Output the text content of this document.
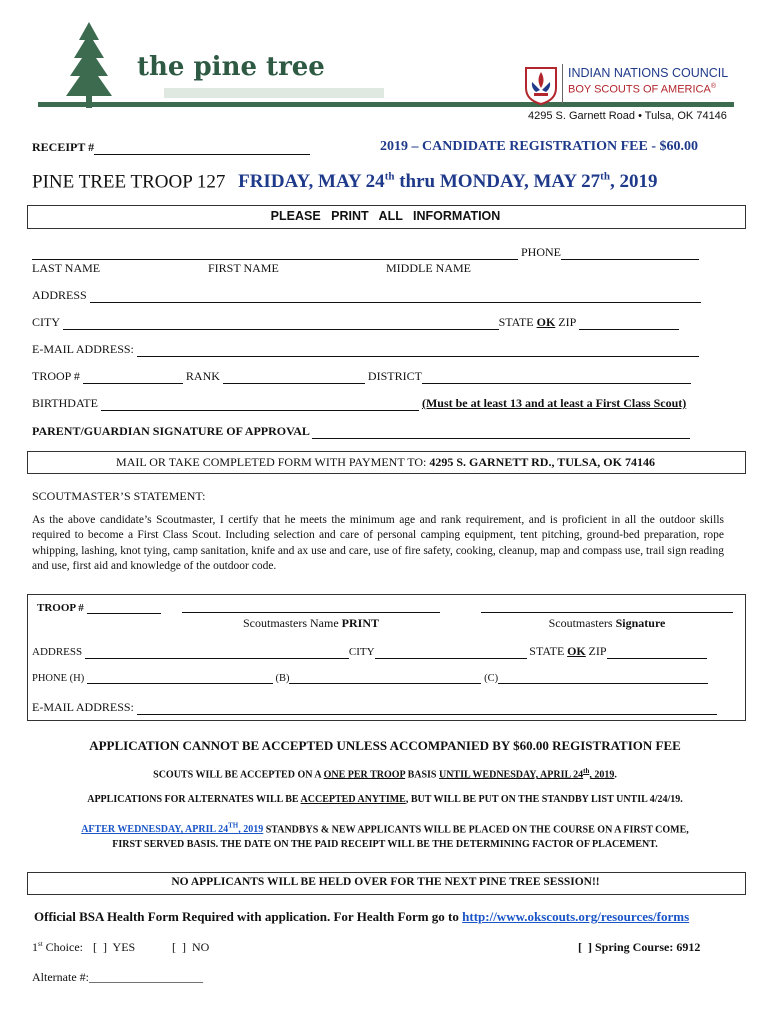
the pine tree	INDIAN NATIONS COUNCIL
BOY SCOUTS OF AMERICA®
4295 S. Garnett Road • Tulsa, OK 74146
RECEIPT #	2019 – CANDIDATE REGISTRATION FEE - $60.00
PINE TREE TROOP 127 FRIDAY, MAY 24th thru MONDAY, MAY 27th, 2019
PLEASE   PRINT   ALL   INFORMATION
PHONE
LAST NAME	FIRST NAME	MIDDLE NAME
ADDRESS
CITY	STATE OK ZIP
E-MAIL ADDRESS:
TROOP #	RANK	DISTRICT
BIRTHDATE	(Must be at least 13 and at least a First Class Scout)
PARENT/GUARDIAN SIGNATURE OF APPROVAL
MAIL OR TAKE COMPLETED FORM WITH PAYMENT TO: 4295 S. GARNETT RD., TULSA, OK 74146
SCOUTMASTER’S STATEMENT:
As the above candidate’s Scoutmaster, I certify that he meets the minimum age and rank requirement, and is proficient in all the outdoor skills required to become a First Class Scout. Including selection and care of personal camping equipment, tent pitching, ground-bed preparation, rope whipping, lashing, knot tying, camp sanitation, knife and ax use and care, use of fire safety, cooking, cleanup, map and compass use, trail sign reading and use, first aid and knowledge of the outdoor code.
TROOP #
Scoutmasters Name PRINT	Scoutmasters Signature
ADDRESS	CITY	STATE OK ZIP
PHONE (H)	(B)	(C)
E-MAIL ADDRESS:
APPLICATION CANNOT BE ACCEPTED UNLESS ACCOMPANIED BY $60.00 REGISTRATION FEE
SCOUTS WILL BE ACCEPTED ON A ONE PER TROOP BASIS UNTIL WEDNESDAY, APRIL 24th, 2019.
APPLICATIONS FOR ALTERNATES WILL BE ACCEPTED ANYTIME, BUT WILL BE PUT ON THE STANDBY LIST UNTIL 4/24/19.
AFTER WEDNESDAY, APRIL 24TH, 2019 STANDBYS & NEW APPLICANTS WILL BE PLACED ON THE COURSE ON A FIRST COME,
FIRST SERVED BASIS. THE DATE ON THE PAID RECEIPT WILL BE THE DETERMINING FACTOR OF PLACEMENT.
NO APPLICANTS WILL BE HELD OVER FOR THE NEXT PINE TREE SESSION!!
Official BSA Health Form Required with application. For Health Form go to http://www.okscouts.org/resources/forms
1st Choice: [  ]  YES	[  ]  NO	[  ] Spring Course: 6912
Alternate #:___________________
